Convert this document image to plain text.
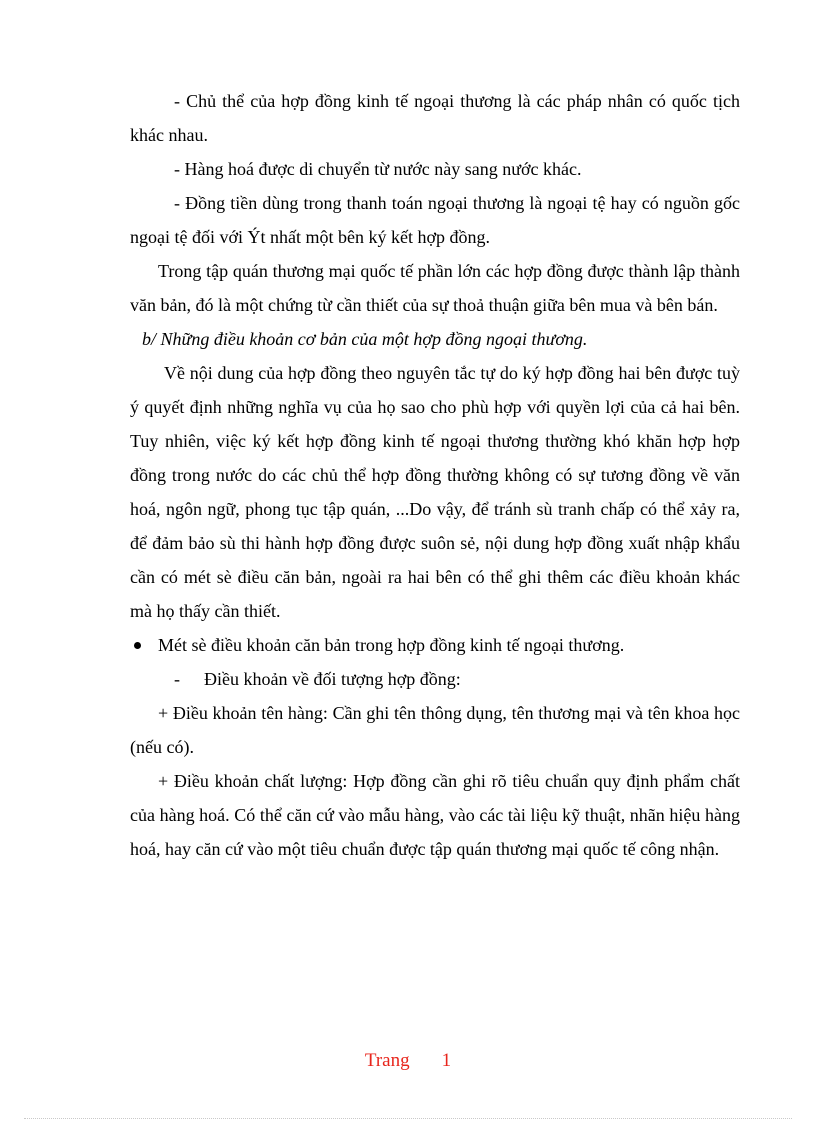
- Chủ thể của hợp đồng kinh tế ngoại thương là các pháp nhân có quốc tịch khác nhau.

- Hàng hoá được di chuyển từ nước này sang nước khác.

- Đồng tiền dùng trong thanh toán ngoại thương là ngoại tệ hay có nguồn gốc ngoại tệ đối với Ýt nhất một bên ký kết hợp đồng.

Trong tập quán thương mại quốc tế phần lớn các hợp đồng được thành lập thành văn bản, đó là một chứng từ cần thiết của sự thoả thuận giữa bên mua và bên bán.

b/ Những điều khoản cơ bản của một hợp đồng ngoại thương.

Về nội dung của hợp đồng theo nguyên tắc tự do ký hợp đồng hai bên được tuỳ ý quyết định những nghĩa vụ của họ sao cho phù hợp với quyền lợi của cả hai bên. Tuy nhiên, việc ký kết hợp đồng kinh tế ngoại thương thường khó khăn hợp hợp đồng trong nước do các chủ thể hợp đồng thường không có sự tương đồng về văn hoá, ngôn ngữ, phong tục tập quán, ...Do vậy, để tránh sù tranh chấp có thể xảy ra, để đảm bảo sù thi hành hợp đồng được suôn sẻ, nội dung hợp đồng xuất nhập khẩu cần có mét sè điều căn bản, ngoài ra hai bên có thể ghi thêm các điều khoản khác mà họ thấy cần thiết.

Mét sè điều khoản căn bản trong hợp đồng kinh tế ngoại thương.
- Điều khoản về đối tượng hợp đồng:

+ Điều khoản tên hàng: Cần ghi tên thông dụng, tên thương mại và tên khoa học (nếu có).

+ Điều khoản chất lượng: Hợp đồng cần ghi rõ tiêu chuẩn quy định phẩm chất của hàng hoá. Có thể căn cứ vào mẫu hàng, vào các tài liệu kỹ thuật, nhãn hiệu hàng hoá, hay căn cứ vào một tiêu chuẩn được tập quán thương mại quốc tế công nhận.

Trang 1
